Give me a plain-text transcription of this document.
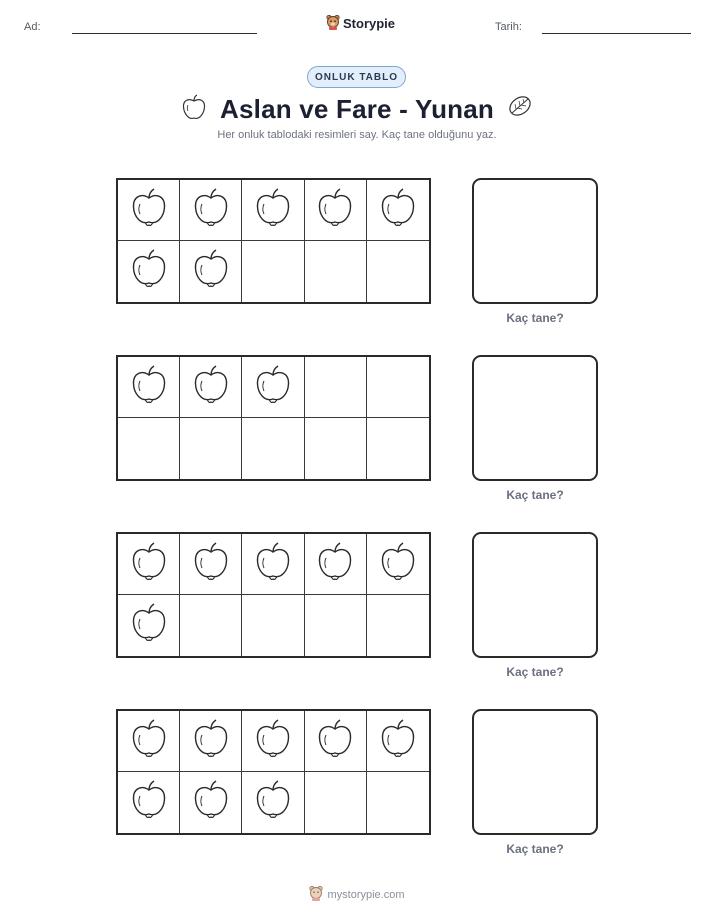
Ad:	Storypie	Tarih:
ONLUK TABLO
Aslan ve Fare - Yunan
Her onluk tablodaki resimleri say. Kaç tane olduğunu yaz.
Kaç tane?
Kaç tane?
Kaç tane?
Kaç tane?
mystorypie.com
